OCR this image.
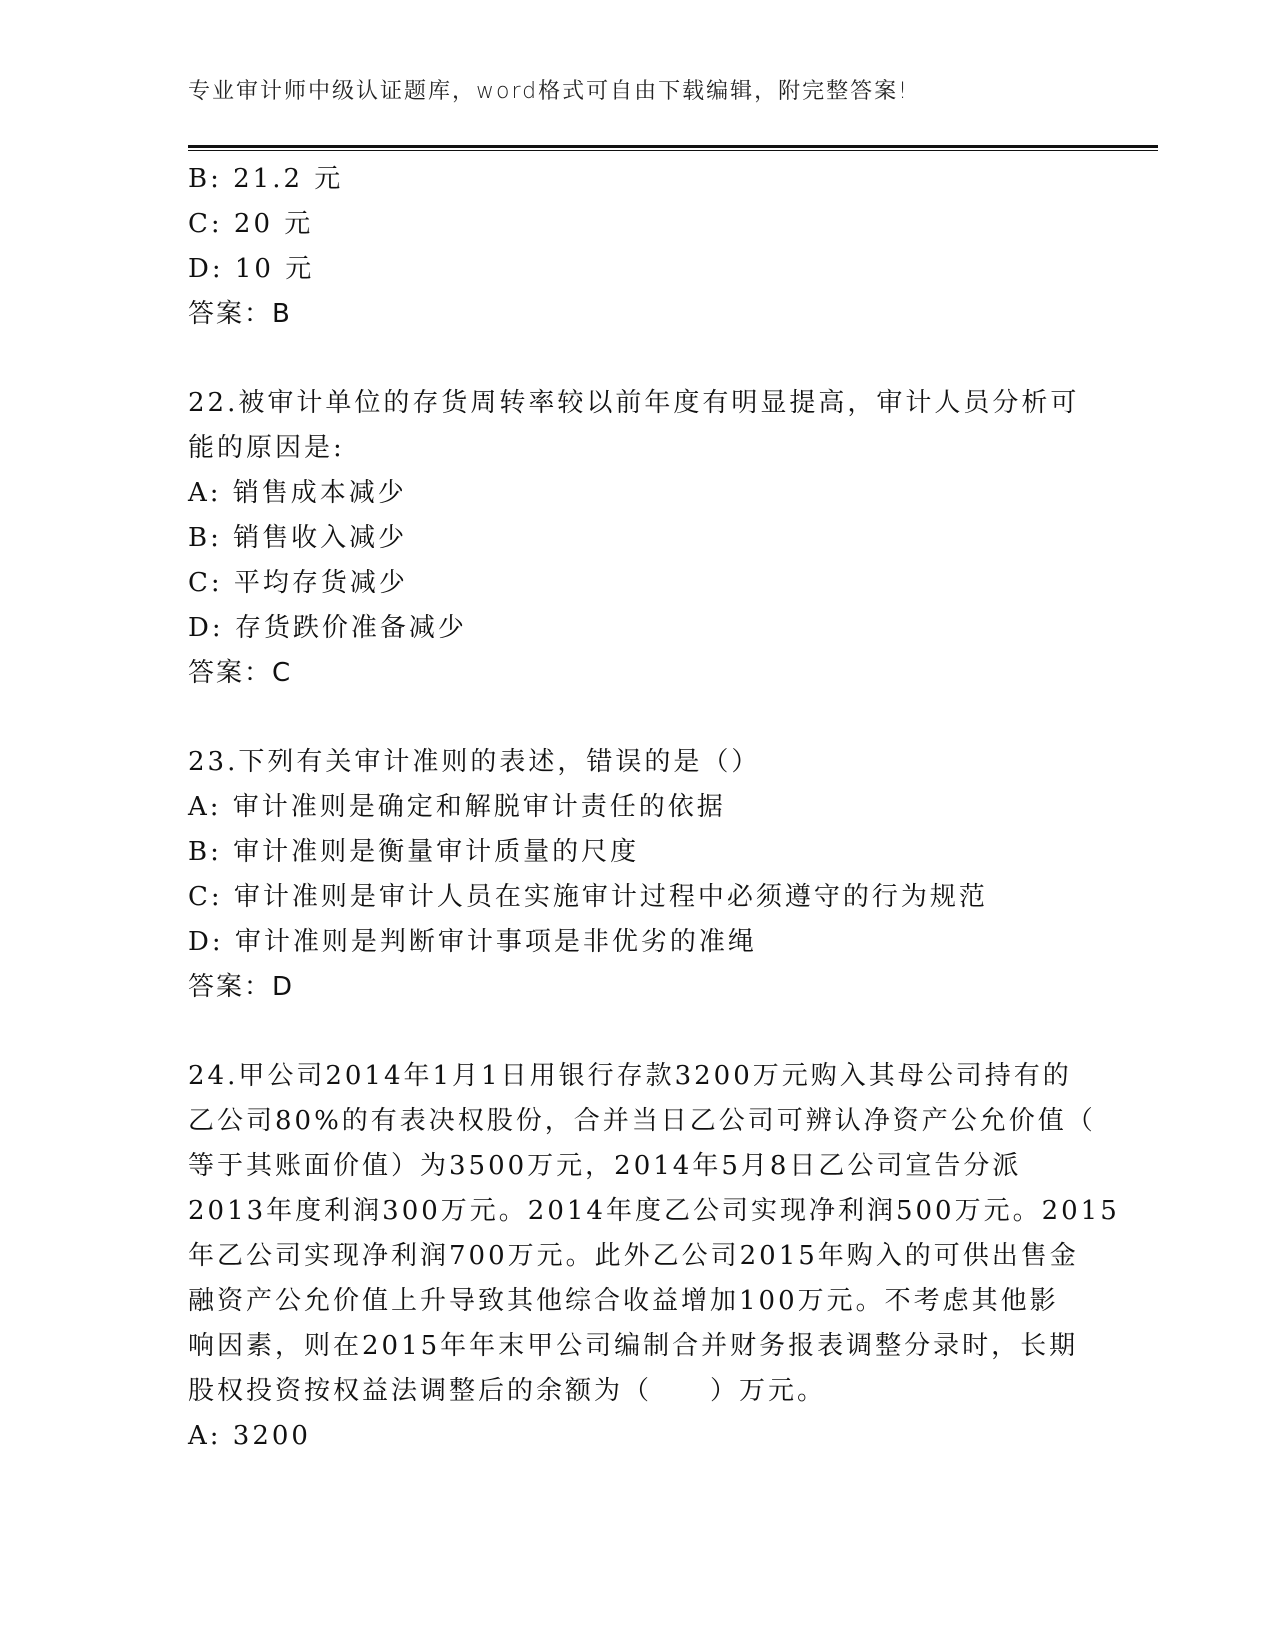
专业审计师中级认证题库，word格式可自由下载编辑，附完整答案!
B: 21.2 元
C: 20 元
D: 10 元
答案：B
22.被审计单位的存货周转率较以前年度有明显提高，审计人员分析可
能的原因是:
A: 销售成本减少
B: 销售收入减少
C: 平均存货减少
D: 存货跌价准备减少
答案：C
23.下列有关审计准则的表述，错误的是（）
A: 审计准则是确定和解脱审计责任的依据
B: 审计准则是衡量审计质量的尺度
C: 审计准则是审计人员在实施审计过程中必须遵守的行为规范
D: 审计准则是判断审计事项是非优劣的准绳
答案：D
24.甲公司2014年1月1日用银行存款3200万元购入其母公司持有的
乙公司80%的有表决权股份，合并当日乙公司可辨认净资产公允价值（
等于其账面价值）为3500万元，2014年5月8日乙公司宣告分派
2013年度利润300万元。2014年度乙公司实现净利润500万元。2015
年乙公司实现净利润700万元。此外乙公司2015年购入的可供出售金
融资产公允价值上升导致其他综合收益增加100万元。不考虑其他影
响因素，则在2015年年末甲公司编制合并财务报表调整分录时，长期
股权投资按权益法调整后的余额为（　　）万元。
A: 3200
